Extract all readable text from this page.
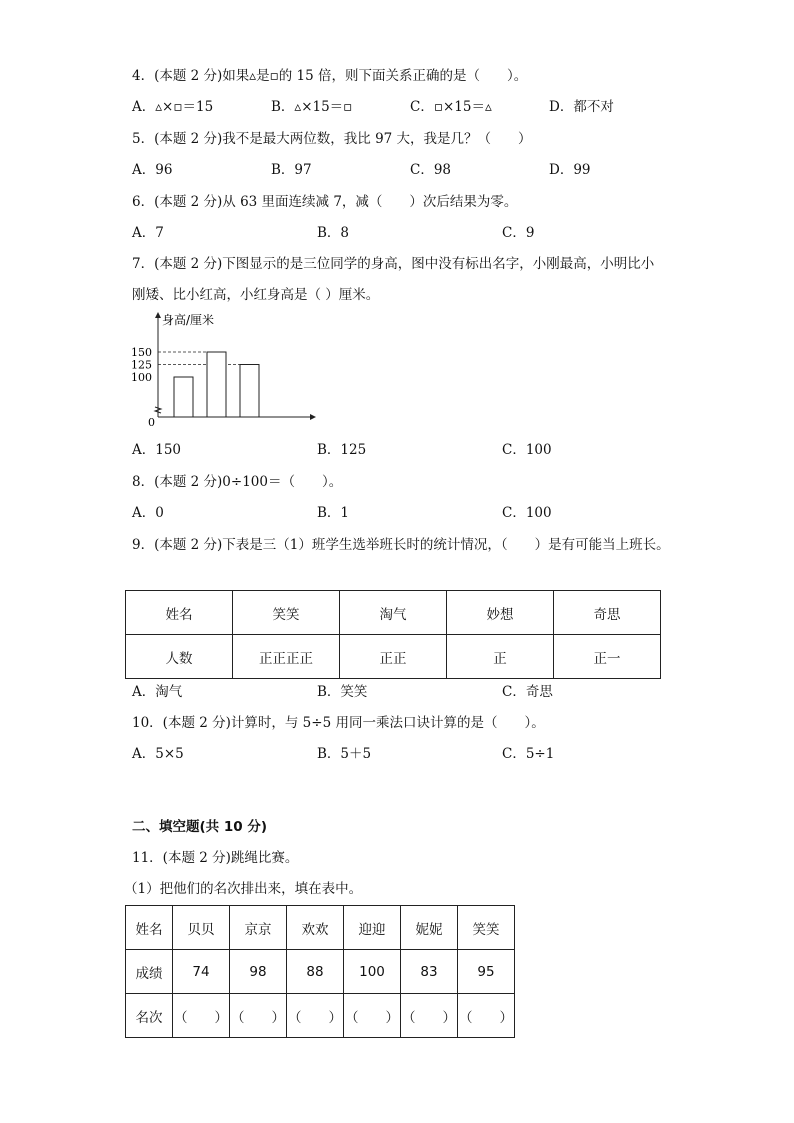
4．(本题 2 分)如果▵是▫的 15 倍，则下面关系正确的是（　　）。
A．▵×▫＝15	B．▵×15＝▫	C．▫×15＝▵	D．都不对
5．(本题 2 分)我不是最大两位数，我比 97 大，我是几？（　　）
A．96	B．97	C．98	D．99
6．(本题 2 分)从 63 里面连续减 7，减（　　）次后结果为零。
A．7	B．8	C．9
7．(本题 2 分)下图显示的是三位同学的身高，图中没有标出名字，小刚最高，小明比小
刚矮、比小红高，小红身高是（ ）厘米。
身高/厘米
0
100
125
150
A．150	B．125	C．100
8．(本题 2 分)0÷100＝（　　）。
A．0	B．1	C．100
9．(本题 2 分)下表是三（1）班学生选举班长时的统计情况，（　　）是有可能当上班长。
姓名	笑笑	淘气	妙想	奇思
人数	正正正正	正正	正	正一
A．淘气	B．笑笑	C．奇思
10．(本题 2 分)计算时，与 5÷5 用同一乘法口诀计算的是（　　）。
A．5×5	B．5＋5	C．5÷1
二、填空题(共 10 分)
11．(本题 2 分)跳绳比赛。
（1）把他们的名次排出来，填在表中。
姓名	贝贝	京京	欢欢	迎迎	妮妮	笑笑
成绩	74	98	88	100	83	95
名次	（　　）	（　　）	（　　）	（　　）	（　　）	（　　）
